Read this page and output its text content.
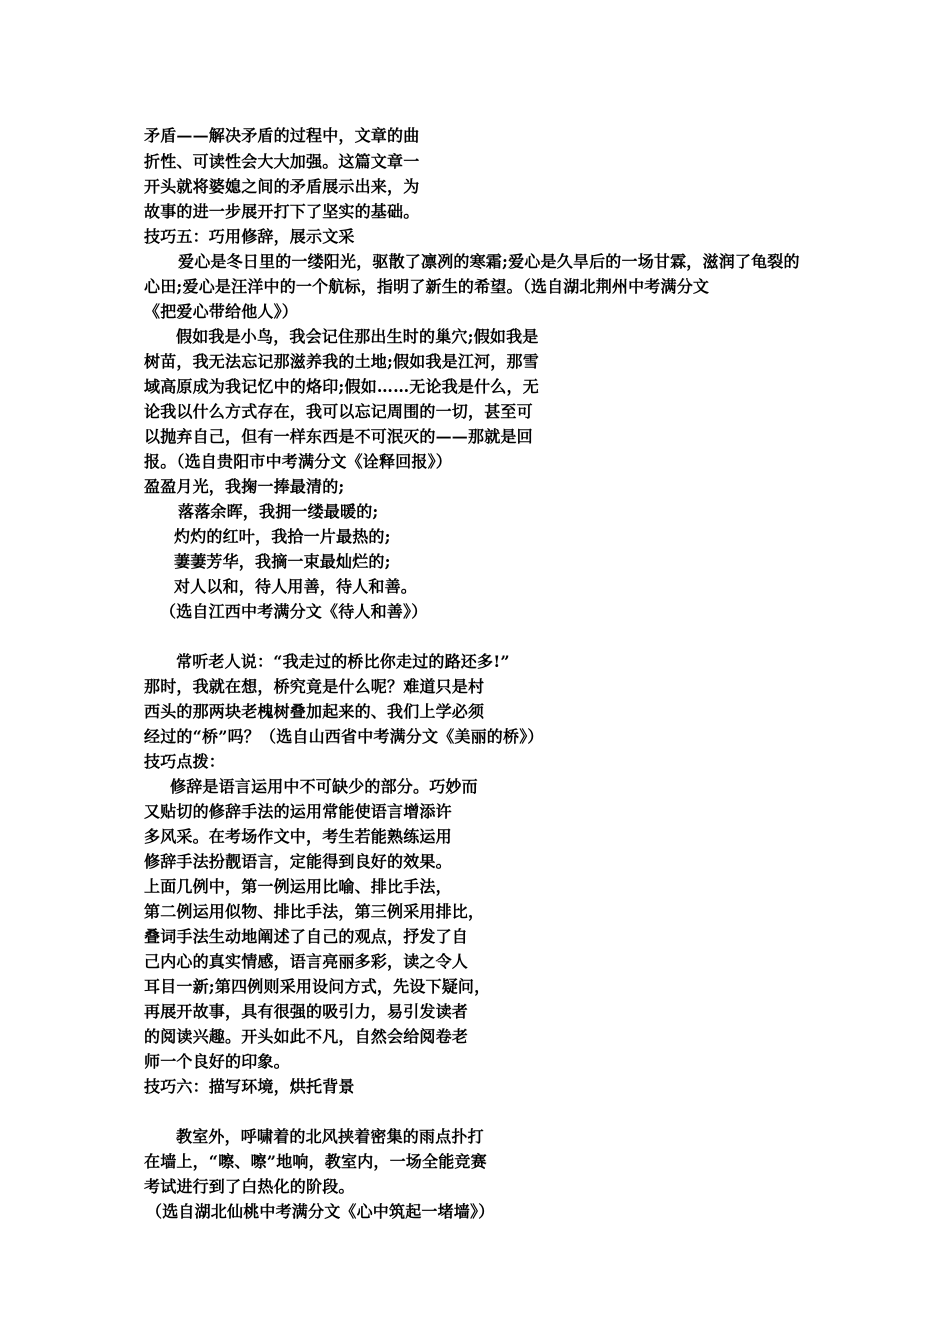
矛盾——解决矛盾的过程中，文章的曲
折性、可读性会大大加强。这篇文章一
开头就将婆媳之间的矛盾展示出来，为
故事的进一步展开打下了坚实的基础。
技巧五：巧用修辞，展示文采
爱心是冬日里的一缕阳光，驱散了凛冽的寒霜;爱心是久旱后的一场甘霖，滋润了龟裂的
心田;爱心是汪洋中的一个航标，指明了新生的希望。（选自湖北荆州中考满分文
《把爱心带给他人》）
假如我是小鸟，我会记住那出生时的巢穴;假如我是
树苗，我无法忘记那滋养我的土地;假如我是江河，那雪
域高原成为我记忆中的烙印;假如……无论我是什么，无
论我以什么方式存在，我可以忘记周围的一切，甚至可
以抛弃自己，但有一样东西是不可泯灭的——那就是回
报。（选自贵阳市中考满分文《诠释回报》）
盈盈月光，我掬一捧最清的;
落落余晖，我拥一缕最暖的;
灼灼的红叶，我拾一片最热的;
萋萋芳华，我摘一束最灿烂的;
对人以和，待人用善，待人和善。
（选自江西中考满分文《待人和善》）
常听老人说：“我走过的桥比你走过的路还多!”
那时，我就在想，桥究竟是什么呢？难道只是村
西头的那两块老槐树叠加起来的、我们上学必须
经过的“桥”吗？（选自山西省中考满分文《美丽的桥》）
技巧点拨：
修辞是语言运用中不可缺少的部分。巧妙而
又贴切的修辞手法的运用常能使语言增添许
多风采。在考场作文中，考生若能熟练运用
修辞手法扮靓语言，定能得到良好的效果。
上面几例中，第一例运用比喻、排比手法，
第二例运用似物、排比手法，第三例采用排比，
叠词手法生动地阐述了自己的观点，抒发了自
己内心的真实情感，语言亮丽多彩，读之令人
耳目一新;第四例则采用设问方式，先设下疑问，
再展开故事，具有很强的吸引力，易引发读者
的阅读兴趣。开头如此不凡，自然会给阅卷老
师一个良好的印象。
技巧六：描写环境，烘托背景
教室外，呼啸着的北风挟着密集的雨点扑打
在墙上，“嚓、嚓”地响，教室内，一场全能竞赛
考试进行到了白热化的阶段。
（选自湖北仙桃中考满分文《心中筑起一堵墙》）
